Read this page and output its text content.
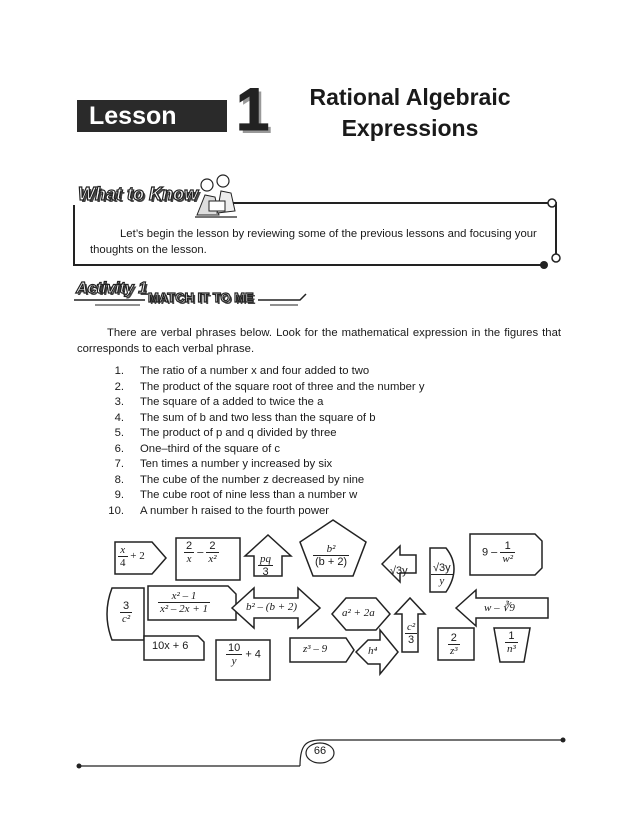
Lesson 1	Rational Algebraic
Expressions
What to Know
Let’s begin the lesson by reviewing some of the previous lessons and focusing your thoughts on the lesson.
Activity 1
MATCH IT TO ME
There are verbal phrases below. Look for the mathematical expression in the figures that corresponds to each verbal phrase.
1.	The ratio of a number x and four added to two
2.	The product of the square root of three and the number y
3.	The square of a added to twice the a
4.	The sum of b and two less than the square of b
5.	The product of p and q divided by three
6.	One–third of the square of c
7.	Ten times a number y increased by six
8.	The cube of the number z decreased by nine
9.	The cube root of nine less than a number w
10.	A number h raised to the fourth power
$\frac{x}{4} + 2$	$\frac{2}{x} - \frac{2}{\text{x²}}$
$\frac{pq}{3}$	$\frac{\text{b²}}{(b + 2)}$
$√3y \frac{√3y}{y}$
$9 - \frac{1}{\text{w²}}$
$\frac{3}{\text{c²}} \frac{\text{x² – 1}}{\text{x² – 2x + 1}}$	b² – (b + 2)	a² + 2a
$\frac{\text{c²}}{3}$	$\frac{2}{\text{z³}}$
w – ∛9
10x + 6	$\frac{10}{y} + 4$	z³ – 9	h⁴	$\frac{1}{\text{n³}}$
66
